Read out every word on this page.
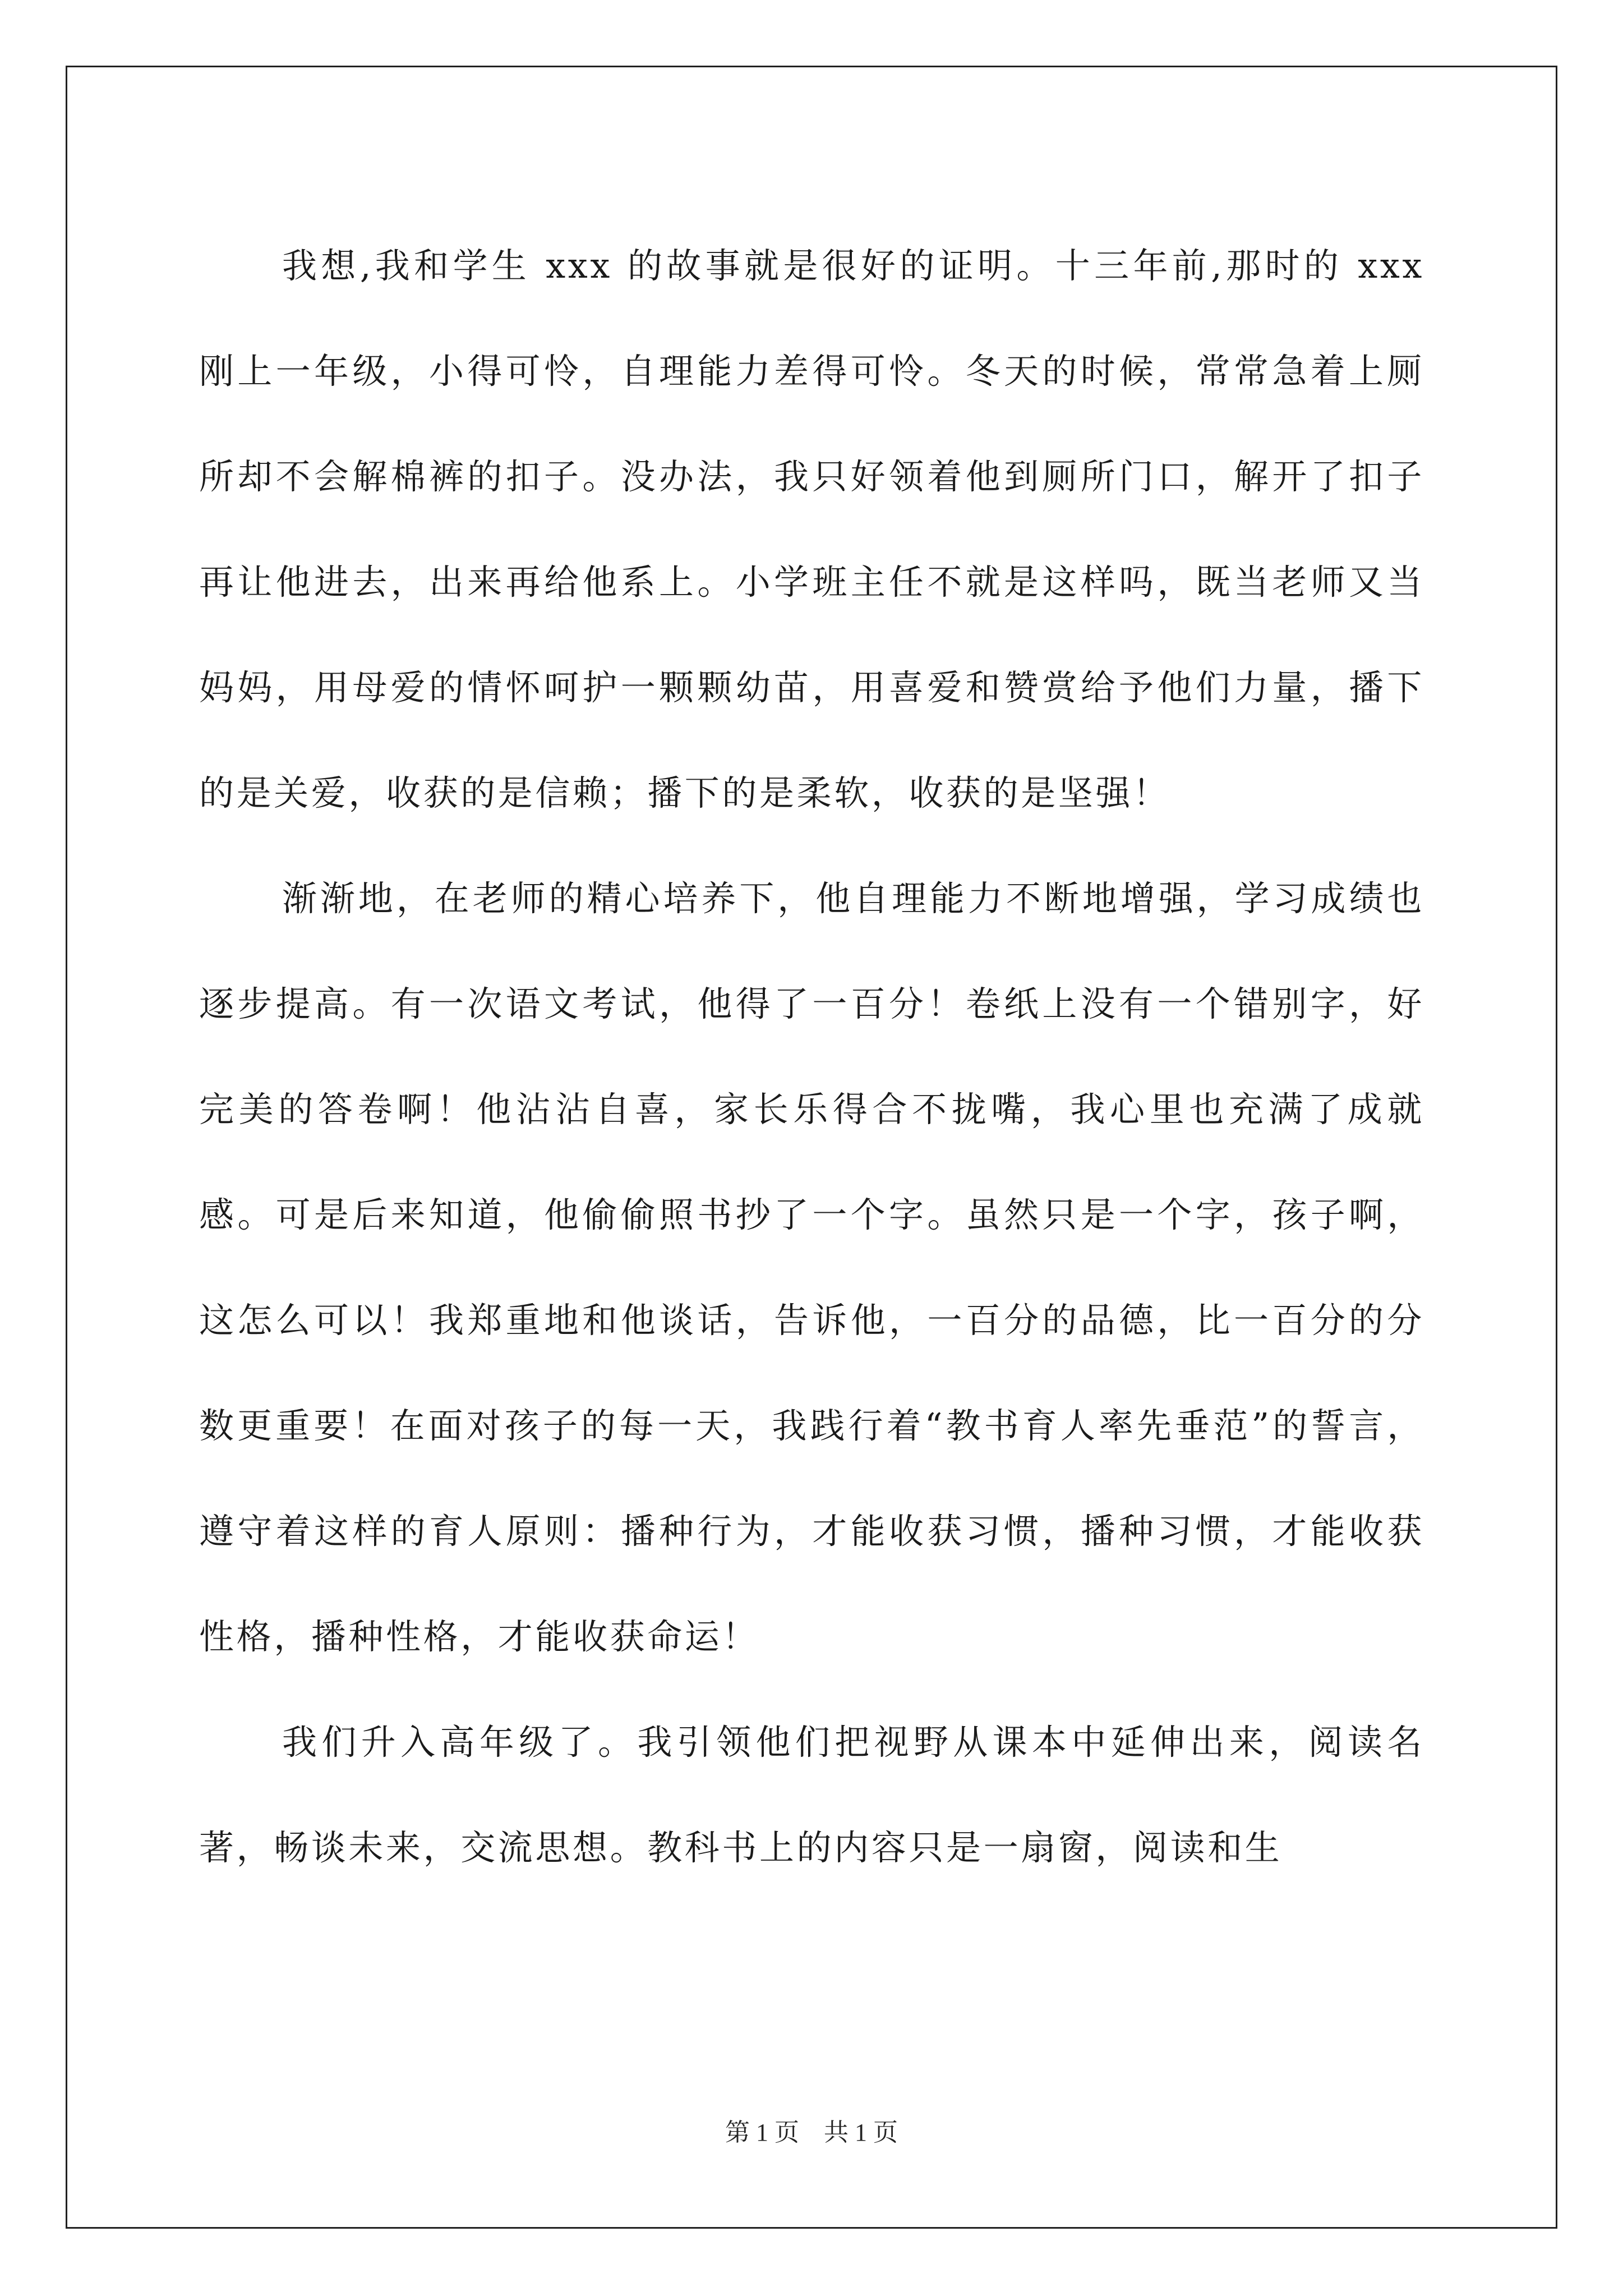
我想,我和学生 xxx 的故事就是很好的证明。十三年前,那时的 xxx 刚上一年级，小得可怜，自理能力差得可怜。冬天的时候，常常急着上厕所却不会解棉裤的扣子。没办法，我只好领着他到厕所门口，解开了扣子再让他进去，出来再给他系上。小学班主任不就是这样吗，既当老师又当妈妈，用母爱的情怀呵护一颗颗幼苗，用喜爱和赞赏给予他们力量，播下的是关爱，收获的是信赖；播下的是柔软，收获的是坚强！

渐渐地，在老师的精心培养下，他自理能力不断地增强，学习成绩也逐步提高。有一次语文考试，他得了一百分！卷纸上没有一个错别字，好完美的答卷啊！他沾沾自喜，家长乐得合不拢嘴，我心里也充满了成就感。可是后来知道，他偷偷照书抄了一个字。虽然只是一个字，孩子啊，这怎么可以！我郑重地和他谈话，告诉他，一百分的品德，比一百分的分数更重要！在面对孩子的每一天，我践行着“教书育人率先垂范”的誓言，遵守着这样的育人原则：播种行为，才能收获习惯，播种习惯，才能收获性格，播种性格，才能收获命运！

我们升入高年级了。我引领他们把视野从课本中延伸出来，阅读名著，畅谈未来，交流思想。教科书上的内容只是一扇窗，阅读和生

第 1 页 共 1 页
